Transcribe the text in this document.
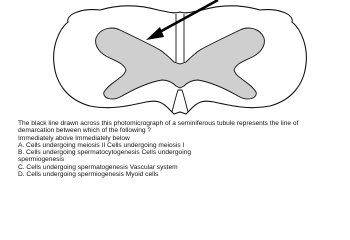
The black line drawn across this photomicrograph of a seminiferous tubule represents the line of

demarcation between which of the following ?

Immediately above Immediately below

A. Cells undergoing meiosis II Cells undergoing meiosis I

B. Cells undergoing spermatocytogenesis Cells undergoing

spermiogenesis

C. Cells undergoing spermatogenesis Vascular system

D. Cells undergoing spermiogenesis Myoid cells
